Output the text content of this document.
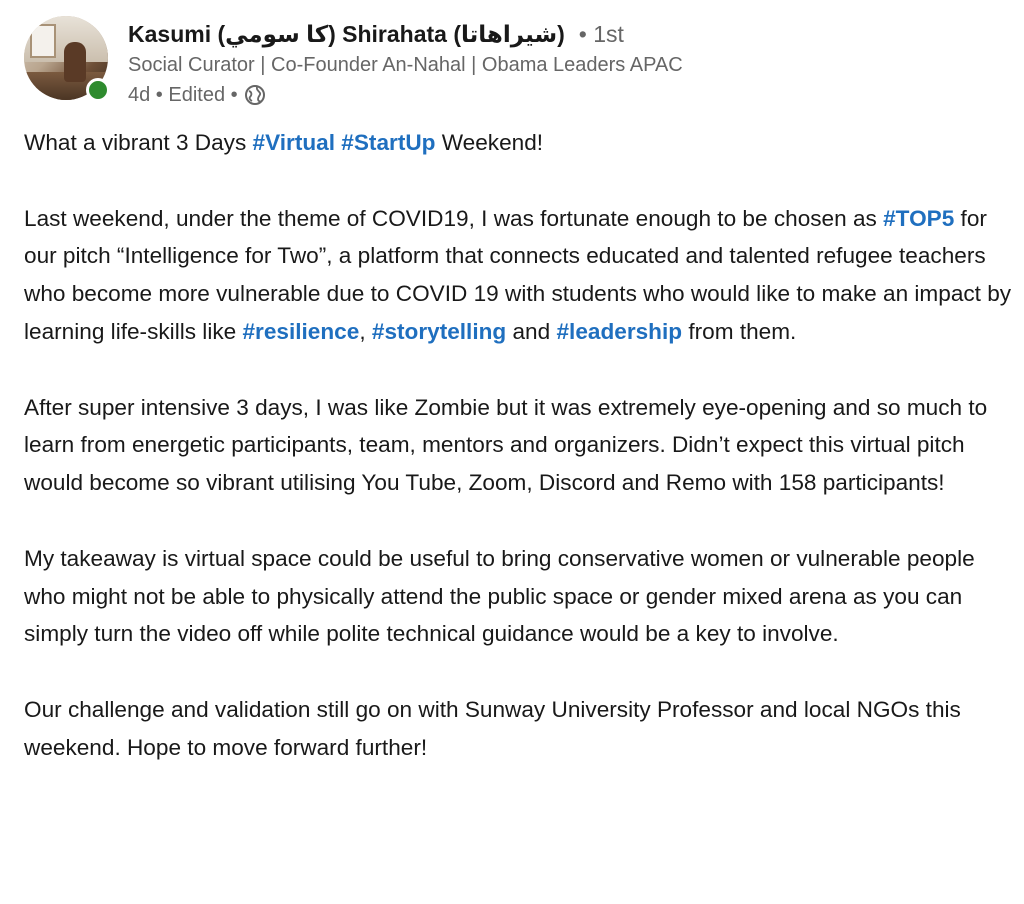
Kasumi (كا سومي) Shirahata (شيراهاتا) • 1st
Social Curator | Co-Founder An-Nahal | Obama Leaders APAC
4d • Edited •

What a vibrant 3 Days #Virtual #StartUp Weekend!

Last weekend, under the theme of COVID19, I was fortunate enough to be chosen as #TOP5 for our pitch “Intelligence for Two”, a platform that connects educated and talented refugee teachers who become more vulnerable due to COVID 19 with students who would like to make an impact by learning life-skills like #resilience, #storytelling and #leadership from them.

After super intensive 3 days, I was like Zombie but it was extremely eye-opening and so much to learn from energetic participants, team, mentors and organizers. Didn’t expect this virtual pitch would become so vibrant utilising You Tube, Zoom, Discord and Remo with 158 participants!

My takeaway is virtual space could be useful to bring conservative women or vulnerable people who might not be able to physically attend the public space or gender mixed arena as you can simply turn the video off while polite technical guidance would be a key to involve.

Our challenge and validation still go on with Sunway University Professor and local NGOs this weekend. Hope to move forward further!
